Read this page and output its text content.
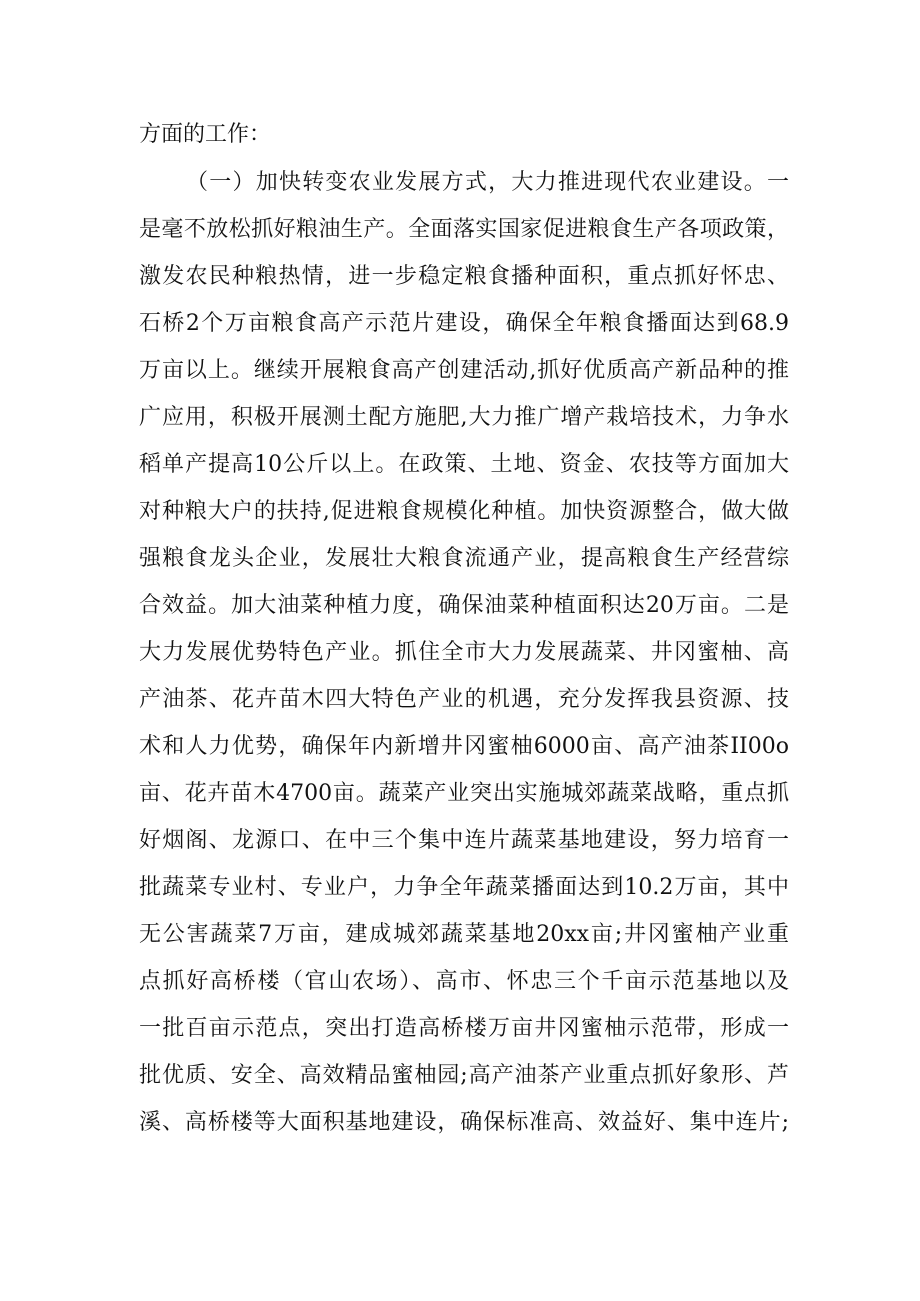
方面的工作：
（一）加快转变农业发展方式，大力推进现代农业建设。一
是毫不放松抓好粮油生产。全面落实国家促进粮食生产各项政策，
激发农民种粮热情，进一步稳定粮食播种面积，重点抓好怀忠、
石桥2个万亩粮食高产示范片建设，确保全年粮食播面达到68.9
万亩以上。继续开展粮食高产创建活动,抓好优质高产新品种的推
广应用，积极开展测土配方施肥,大力推广增产栽培技术，力争水
稻单产提高10公斤以上。在政策、土地、资金、农技等方面加大
对种粮大户的扶持,促进粮食规模化种植。加快资源整合，做大做
强粮食龙头企业，发展壮大粮食流通产业，提高粮食生产经营综
合效益。加大油菜种植力度，确保油菜种植面积达20万亩。二是
大力发展优势特色产业。抓住全市大力发展蔬菜、井冈蜜柚、高
产油茶、花卉苗木四大特色产业的机遇，充分发挥我县资源、技
术和人力优势，确保年内新增井冈蜜柚6000亩、高产油茶II00o
亩、花卉苗木4700亩。蔬菜产业突出实施城郊蔬菜战略，重点抓
好烟阁、龙源口、在中三个集中连片蔬菜基地建设，努力培育一
批蔬菜专业村、专业户，力争全年蔬菜播面达到10.2万亩，其中
无公害蔬菜7万亩，建成城郊蔬菜基地20xx亩;井冈蜜柚产业重
点抓好高桥楼（官山农场）、高市、怀忠三个千亩示范基地以及
一批百亩示范点，突出打造高桥楼万亩井冈蜜柚示范带，形成一
批优质、安全、高效精品蜜柚园;高产油茶产业重点抓好象形、芦
溪、高桥楼等大面积基地建设，确保标准高、效益好、集中连片;
